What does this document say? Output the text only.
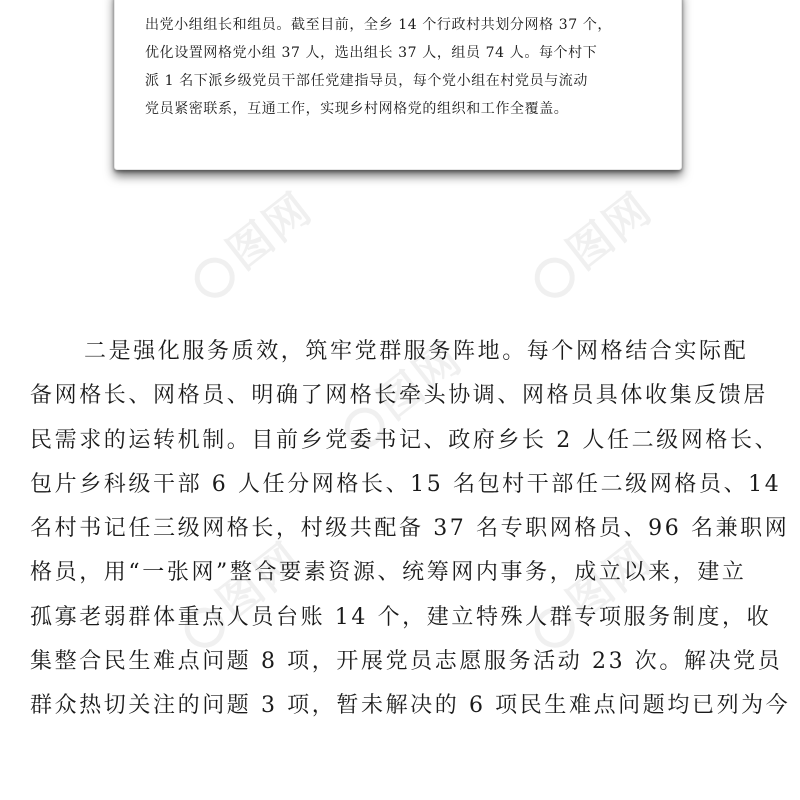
图网	图网
图网
图网	图网
出党小组组长和组员。截至目前，全乡 14 个行政村共划分网格 37 个，
优化设置网格党小组 37 人，选出组长 37 人，组员 74 人。每个村下
派 1 名下派乡级党员干部任党建指导员，每个党小组在村党员与流动
党员紧密联系，互通工作，实现乡村网格党的组织和工作全覆盖。
二是强化服务质效，筑牢党群服务阵地。每个网格结合实际配
备网格长、网格员、明确了网格长牵头协调、网格员具体收集反馈居
民需求的运转机制。目前乡党委书记、政府乡长 2 人任二级网格长、
包片乡科级干部 6 人任分网格长、15 名包村干部任二级网格员、14
名村书记任三级网格长，村级共配备 37 名专职网格员、96 名兼职网
格员，用“一张网”整合要素资源、统筹网内事务，成立以来，建立
孤寡老弱群体重点人员台账 14 个，建立特殊人群专项服务制度，收
集整合民生难点问题 8 项，开展党员志愿服务活动 23 次。解决党员
群众热切关注的问题 3 项，暂未解决的 6 项民生难点问题均已列为今
